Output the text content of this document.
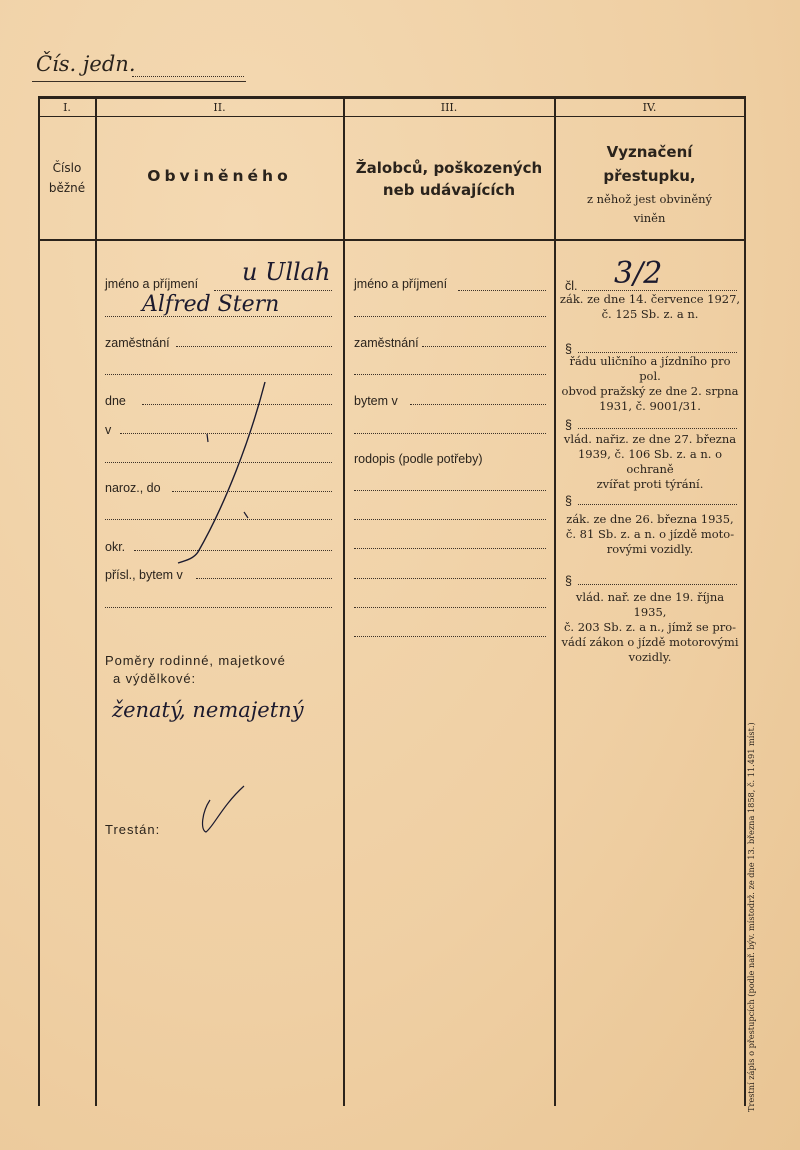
Čís. jedn.
I.	II.	III.	IV.
Číslo
běžné
Obviněného	Žalobců, poškozených
neb udávajících
Vyznačení
přestupku,
z něhož jest obviněný
viněn
jméno a příjmení u Ullah
Alfred Stern
zaměstnání
dne
v
naroz., do
okr.
přísl., bytem v
Poměry rodinné, majetkové
a výdělkové:
ženatý, nemajetný
Trestán:
jméno a příjmení
zaměstnání
bytem v
rodopis (podle potřeby)
čl. 3/2
zák. ze dne 14. července 1927,
č. 125 Sb. z. a n.
§
řádu uličního a jízdního pro pol.
obvod pražský ze dne 2. srpna
1931, č. 9001/31.
§
vlád. nařiz. ze dne 27. března
1939, č. 106 Sb. z. a n. o ochraně
zvířat proti týrání.
§
zák. ze dne 26. března 1935,
č. 81 Sb. z. a n. o jízdě moto-
rovými vozidly.
§
vlád. nař. ze dne 19. října 1935,
č. 203 Sb. z. a n., jímž se pro-
vádí zákon o jízdě motorovými
vozidly.
Trestní zápis o přestupcích (podle nař. býv. místodrž. ze dne 13. března 1858, č. 11.491 míst.)
